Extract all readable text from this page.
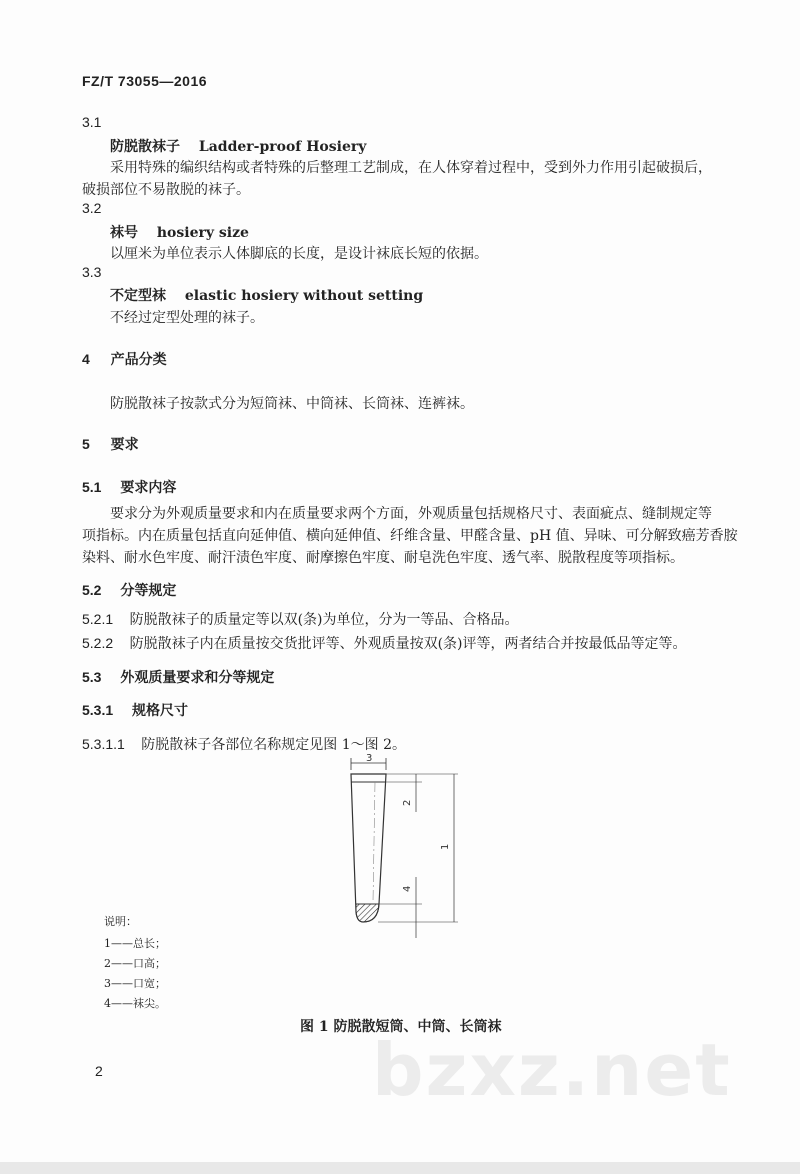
FZ/T 73055—2016
3.1
防脱散袜子 Ladder-proof Hosiery
采用特殊的编织结构或者特殊的后整理工艺制成，在人体穿着过程中，受到外力作用引起破损后，
破损部位不易散脱的袜子。
3.2
袜号 hosiery size
以厘米为单位表示人体脚底的长度，是设计袜底长短的依据。
3.3
不定型袜 elastic hosiery without setting
不经过定型处理的袜子。
4 产品分类
防脱散袜子按款式分为短筒袜、中筒袜、长筒袜、连裤袜。
5 要求
5.1 要求内容
要求分为外观质量要求和内在质量要求两个方面，外观质量包括规格尺寸、表面疵点、缝制规定等
项指标。内在质量包括直向延伸值、横向延伸值、纤维含量、甲醛含量、pH 值、异味、可分解致癌芳香胺
染料、耐水色牢度、耐汗渍色牢度、耐摩擦色牢度、耐皂洗色牢度、透气率、脱散程度等项指标。
5.2 分等规定
5.2.1 防脱散袜子的质量定等以双(条)为单位，分为一等品、合格品。
5.2.2 防脱散袜子内在质量按交货批评等、外观质量按双(条)评等，两者结合并按最低品等定等。
5.3 外观质量要求和分等规定
5.3.1 规格尺寸
5.3.1.1 防脱散袜子各部位名称规定见图 1～图 2。
3
2
1
4
说明：
1——总长；
2——口高；
3——口宽；
4——袜尖。
图 1 防脱散短筒、中筒、长筒袜
2	bzxz.net
